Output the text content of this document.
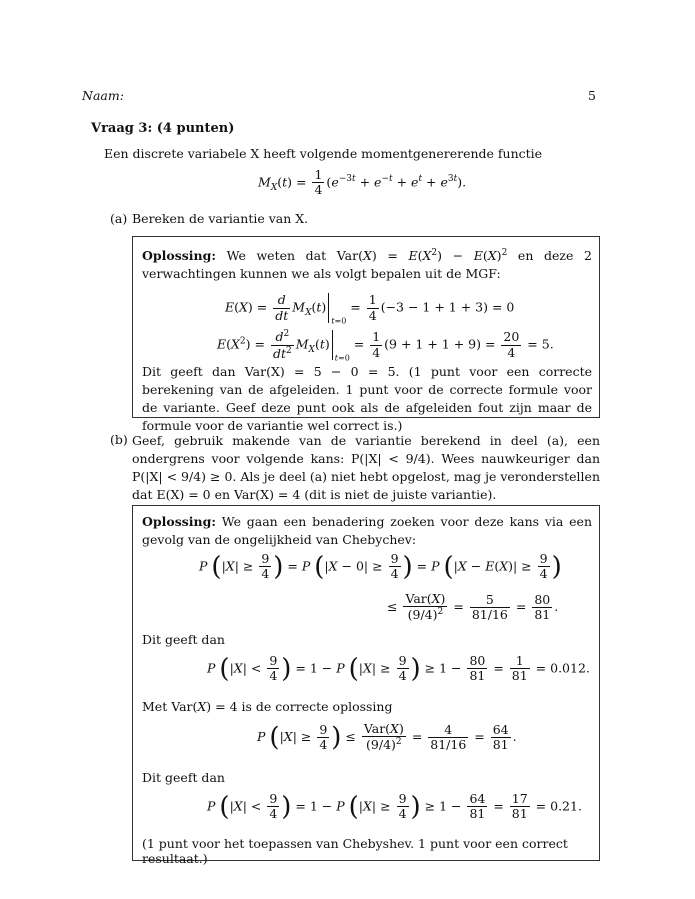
Naam:	5
Vraag 3: (4 punten)
Een discrete variabele X heeft volgende momentgenererende functie
$M_X(t) = \frac{1}{4} (e^{-3t} + e^{-t} + e^t + e^{3t})$.
(a) Bereken de variantie van X.
Oplossing: We weten dat $Var(X) = E(X^2) - E(X)^2$ en deze 2 verwachtingen kunnen we als volgt bepalen uit de MGF:
$E(X) = \frac{d}{dt} M_X(t)_{t=0} = \frac{1}{4} (-3 - 1 + 1 + 3) = 0$
$E(X^2) = \frac{d^2}{dt^2} M_X(t)_{t=0} = \frac{1}{4} (9 + 1 + 1 + 9) = \frac{20}{4} = 5$.
Dit geeft dan Var(X) = 5 − 0 = 5. (1 punt voor een correcte berekening van de afgeleiden. 1 punt voor de correcte formule voor de variante. Geef deze punt ook als de afgeleiden fout zijn maar de formule voor de variantie wel correct is.)
(b) Geef, gebruik makende van de variantie berekend in deel (a), een ondergrens voor volgende kans: P(|X| < 9/4). Wees nauwkeuriger dan P(|X| < 9/4) ≥ 0. Als je deel (a) niet hebt opgelost, mag je veronderstellen dat E(X) = 0 en Var(X) = 4 (dit is niet de juiste variantie).
Oplossing: We gaan een benadering zoeken voor deze kans via een gevolg van de ongelijkheid van Chebychev:
P ($|X| \ge \frac{9}{4}$ ) = P ($|X - 0| \ge \frac{9}{4}$ ) = P ($|X - E(X)| \ge \frac{9}{4}$ )
≤ $\frac{\text{Var(X)}}{(9/4)^2} = \frac{5}{81/16} = \frac{80}{81}$ .
Dit geeft dan
P ($|X| < \frac{9}{4}$ ) = 1 − P ($|X| \ge \frac{9}{4}$ ) ≥ $1 - \frac{80}{81} = \frac{1}{81} = 0.012$.
Met Var(X) = 4 is de correcte oplossing
P ($|X| \ge \frac{9}{4}$ ) ≤ $\frac{\text{Var(X)}}{(9/4)^2} = \frac{4}{81/16} = \frac{64}{81}$ .
Dit geeft dan
P ($|X| < \frac{9}{4}$ ) = 1 − P ($|X| \ge \frac{9}{4}$ ) ≥ $1 - \frac{64}{81} = \frac{17}{81} = 0.21$.
(1 punt voor het toepassen van Chebyshev. 1 punt voor een correct resultaat.)
